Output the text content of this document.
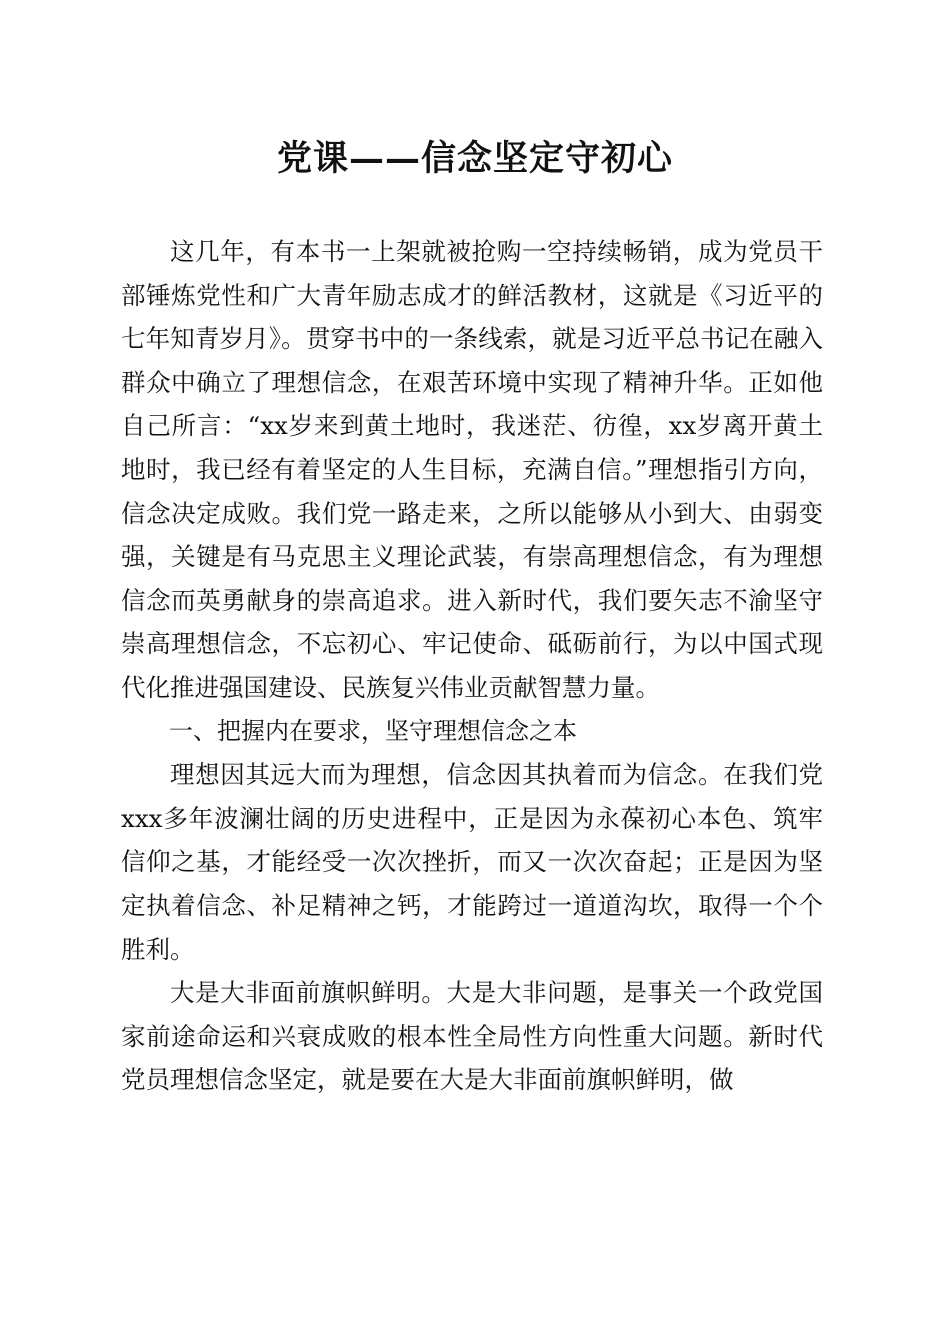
党课——信念坚定守初心

这几年，有本书一上架就被抢购一空持续畅销，成为党员干部锤炼党性和广大青年励志成才的鲜活教材，这就是《习近平的七年知青岁月》。贯穿书中的一条线索，就是习近平总书记在融入群众中确立了理想信念，在艰苦环境中实现了精神升华。正如他自己所言：“xx岁来到黄土地时，我迷茫、彷徨，xx岁离开黄土地时，我已经有着坚定的人生目标，充满自信。”理想指引方向，信念决定成败。我们党一路走来，之所以能够从小到大、由弱变强，关键是有马克思主义理论武装，有崇高理想信念，有为理想信念而英勇献身的崇高追求。进入新时代，我们要矢志不渝坚守崇高理想信念，不忘初心、牢记使命、砥砺前行，为以中国式现代化推进强国建设、民族复兴伟业贡献智慧力量。

一、把握内在要求，坚守理想信念之本

理想因其远大而为理想，信念因其执着而为信念。在我们党xxx多年波澜壮阔的历史进程中，正是因为永葆初心本色、筑牢信仰之基，才能经受一次次挫折，而又一次次奋起；正是因为坚定执着信念、补足精神之钙，才能跨过一道道沟坎，取得一个个胜利。

大是大非面前旗帜鲜明。大是大非问题，是事关一个政党国家前途命运和兴衰成败的根本性全局性方向性重大问题。新时代党员理想信念坚定，就是要在大是大非面前旗帜鲜明，做
